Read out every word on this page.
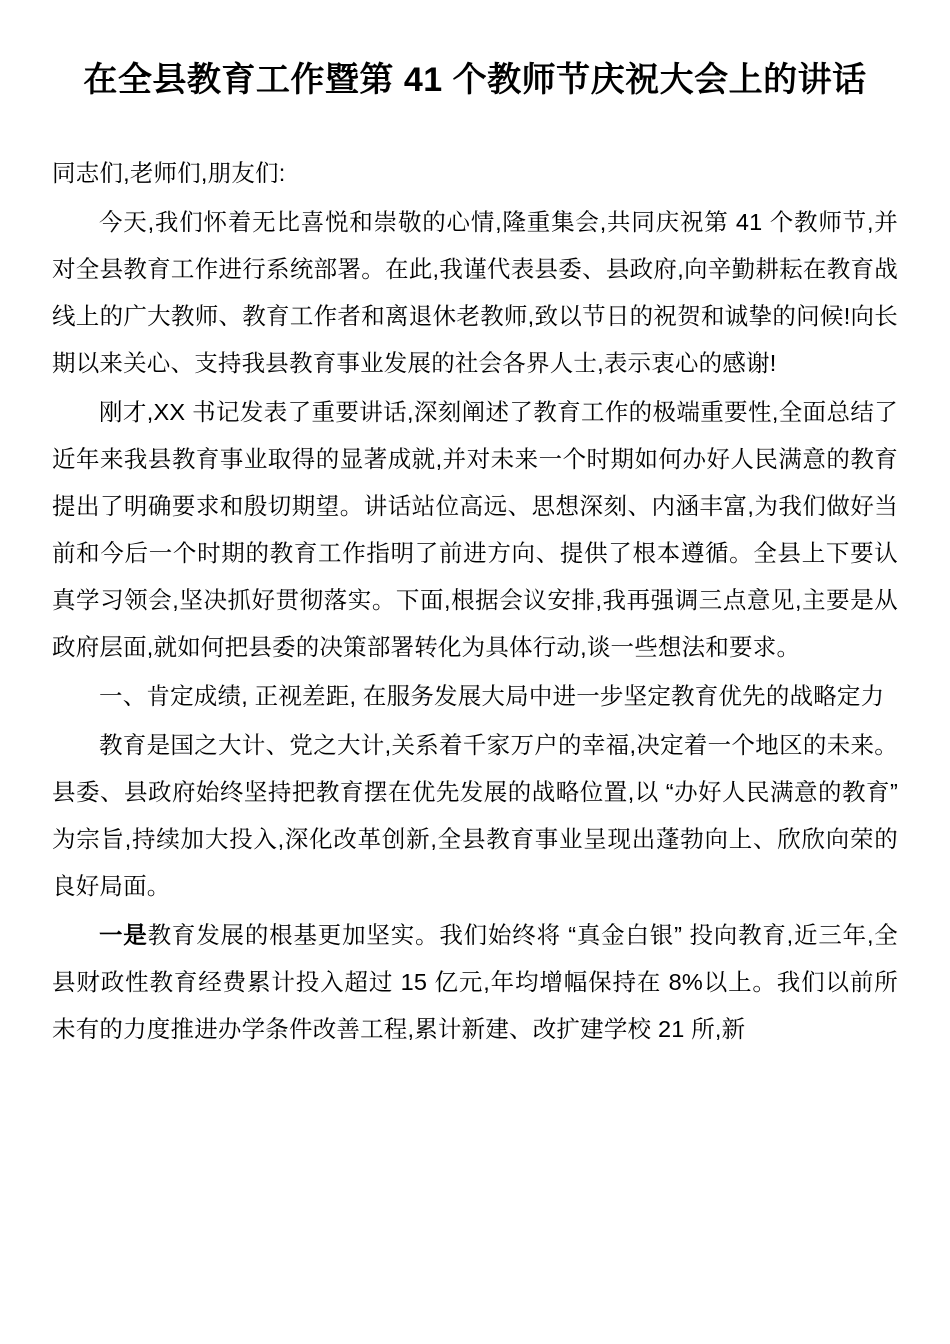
在全县教育工作暨第 41 个教师节庆祝大会上的讲话

同志们,老师们,朋友们:

今天,我们怀着无比喜悦和崇敬的心情,隆重集会,共同庆祝第 41 个教师节,并对全县教育工作进行系统部署。在此,我谨代表县委、县政府,向辛勤耕耘在教育战线上的广大教师、教育工作者和离退休老教师,致以节日的祝贺和诚挚的问候!向长期以来关心、支持我县教育事业发展的社会各界人士,表示衷心的感谢!

刚才,XX 书记发表了重要讲话,深刻阐述了教育工作的极端重要性,全面总结了近年来我县教育事业取得的显著成就,并对未来一个时期如何办好人民满意的教育提出了明确要求和殷切期望。讲话站位高远、思想深刻、内涵丰富,为我们做好当前和今后一个时期的教育工作指明了前进方向、提供了根本遵循。全县上下要认真学习领会,坚决抓好贯彻落实。下面,根据会议安排,我再强调三点意见,主要是从政府层面,就如何把县委的决策部署转化为具体行动,谈一些想法和要求。

一、肯定成绩, 正视差距, 在服务发展大局中进一步坚定教育优先的战略定力

教育是国之大计、党之大计,关系着千家万户的幸福,决定着一个地区的未来。县委、县政府始终坚持把教育摆在优先发展的战略位置,以 “办好人民满意的教育” 为宗旨,持续加大投入,深化改革创新,全县教育事业呈现出蓬勃向上、欣欣向荣的良好局面。

一是教育发展的根基更加坚实。我们始终将 “真金白银” 投向教育,近三年,全县财政性教育经费累计投入超过 15 亿元,年均增幅保持在 8%以上。我们以前所未有的力度推进办学条件改善工程,累计新建、改扩建学校 21 所,新
